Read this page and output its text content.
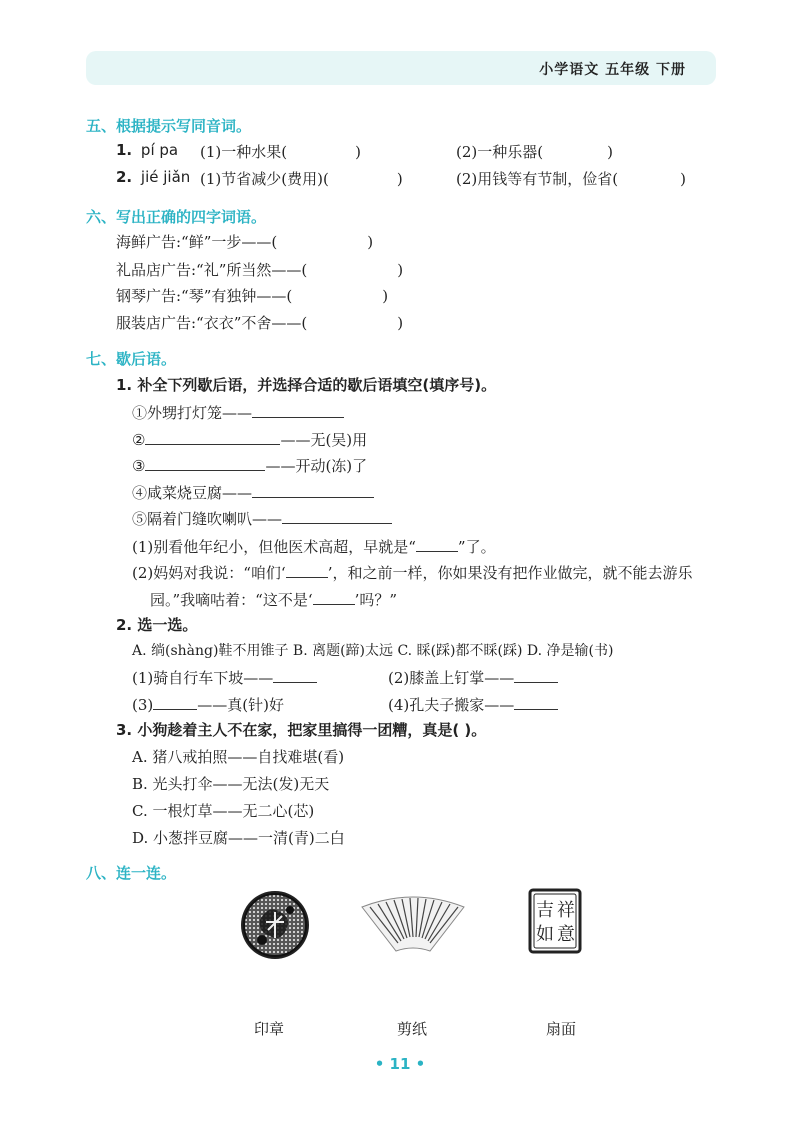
小学语文 五年级 下册
五、根据提示写同音词。
1. pí pa (1)一种水果(	)	(2)一种乐器(	)
2. jié jiǎn (1)节省减少(费用)(	)	(2)用钱等有节制，俭省(	)
六、写出正确的四字词语。
海鲜广告:“鲜”一步——(	)
礼品店广告:“礼”所当然——(	)
钢琴广告:“琴”有独钟——(	)
服装店广告:“衣衣”不舍——(	)
七、歇后语。
1. 补全下列歇后语，并选择合适的歇后语填空(填序号)。
①外甥打灯笼——
②	——无(吴)用
③	——开动(冻)了
④咸菜烧豆腐——
⑤隔着门缝吹喇叭——
(1)别看他年纪小，但他医术高超，早就是“	”了。
(2)妈妈对我说：“咱们‘	’，和之前一样，你如果没有把作业做完，就不能去游乐
园。”我嘀咕着：“这不是‘	’吗？”
2. 选一选。
A. 绱(shàng)鞋不用锥子 B. 离题(蹄)太远 C. 睬(踩)都不睬(踩) D. 净是输(书)
(1)骑自行车下坡——	(2)膝盖上钉掌——
(3)	——真(针)好	(4)孔夫子搬家——
3. 小狗趁着主人不在家，把家里搞得一团糟，真是( )。
A. 猪八戒拍照——自找难堪(看)
B. 光头打伞——无法(发)无天
C. 一根灯草——无二心(芯)
D. 小葱拌豆腐——一清(青)二白
八、连一连。
祥
吉
如 意
印章	剪纸	扇面
• 11 •
